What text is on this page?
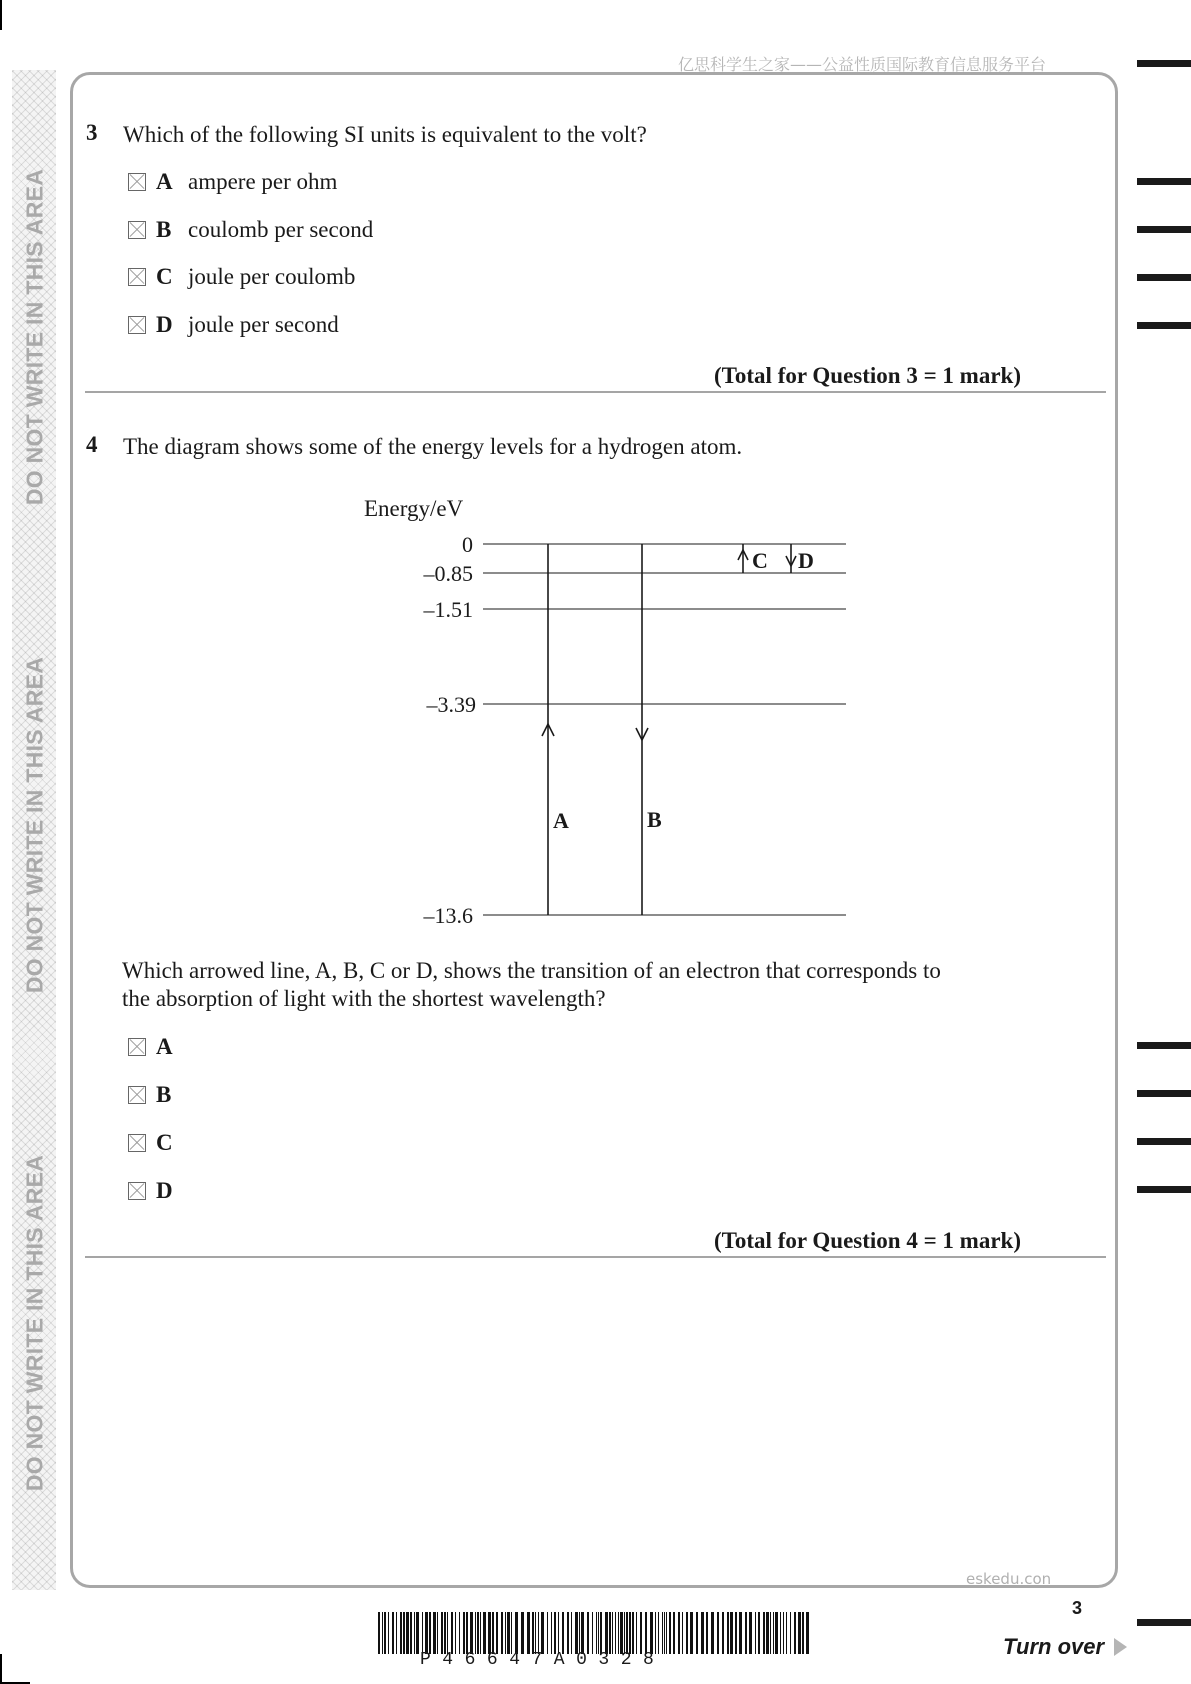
DO NOT WRITE IN THIS AREA
DO NOT WRITE IN THIS AREA
DO NOT WRITE IN THIS AREA
亿思科学生之家——公益性质国际教育信息服务平台
3 Which of the following SI units is equivalent to the volt?
A ampere per ohm
B coulomb per second
C joule per coulomb
D joule per second
(Total for Question 3 = 1 mark)
4 The diagram shows some of the energy levels for a hydrogen atom.
Energy/eV
0
–0.85
–1.51
–3.39
–13.6
A	B
C D
Which arrowed line, A, B, C or D, shows the transition of an electron that corresponds to
the absorption of light with the shortest wavelength?
A
B
C
D
(Total for Question 4 = 1 mark)
eskedu.con
3
P46647A0328
Turn over
